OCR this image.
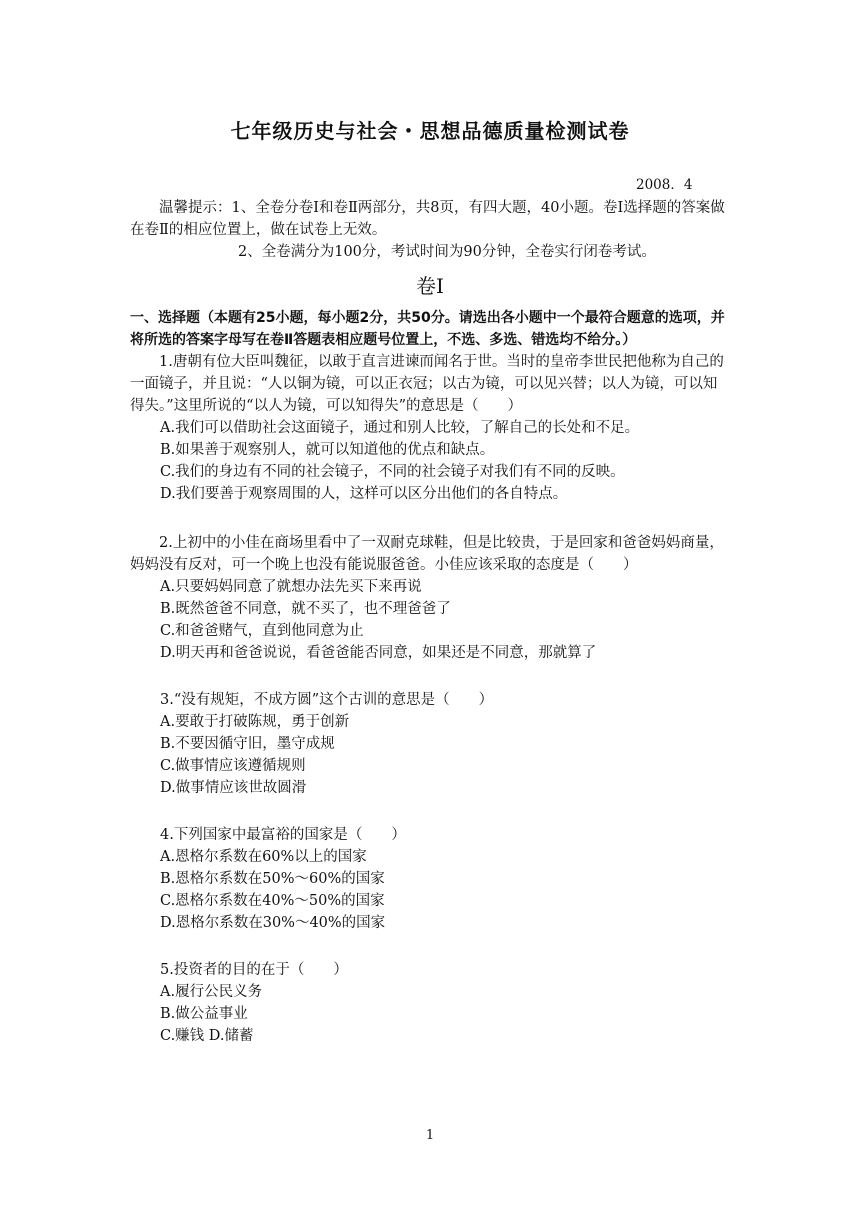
七年级历史与社会・思想品德质量检测试卷
2008．4

温馨提示：1、全卷分卷Ⅰ和卷Ⅱ两部分，共8页，有四大题，40小题。卷Ⅰ选择题的答案做在卷Ⅱ的相应位置上，做在试卷上无效。

2、全卷满分为100分，考试时间为90分钟，全卷实行闭卷考试。

卷Ⅰ
一、选择题（本题有25小题，每小题2分，共50分。请选出各小题中一个最符合题意的选项，并将所选的答案字母写在卷Ⅱ答题表相应题号位置上，不选、多选、错选均不给分。）

1.唐朝有位大臣叫魏征，以敢于直言进谏而闻名于世。当时的皇帝李世民把他称为自己的一面镜子，并且说：“人以铜为镜，可以正衣冠；以古为镜，可以见兴替；以人为镜，可以知得失。”这里所说的“以人为镜，可以知得失”的意思是（　　）

A.我们可以借助社会这面镜子，通过和别人比较，了解自己的长处和不足。

B.如果善于观察别人，就可以知道他的优点和缺点。

C.我们的身边有不同的社会镜子，不同的社会镜子对我们有不同的反映。

D.我们要善于观察周围的人，这样可以区分出他们的各自特点。

2.上初中的小佳在商场里看中了一双耐克球鞋，但是比较贵，于是回家和爸爸妈妈商量，妈妈没有反对，可一个晚上也没有能说服爸爸。小佳应该采取的态度是（　　）

A.只要妈妈同意了就想办法先买下来再说

B.既然爸爸不同意，就不买了，也不理爸爸了

C.和爸爸赌气，直到他同意为止

D.明天再和爸爸说说，看爸爸能否同意，如果还是不同意，那就算了

3.“没有规矩，不成方圆”这个古训的意思是（　　）

A.要敢于打破陈规，勇于创新

B.不要因循守旧，墨守成规

C.做事情应该遵循规则

D.做事情应该世故圆滑

4.下列国家中最富裕的国家是（　　）

A.恩格尔系数在60%以上的国家

B.恩格尔系数在50%～60%的国家

C.恩格尔系数在40%～50%的国家

D.恩格尔系数在30%～40%的国家

5.投资者的目的在于（　　）

A.履行公民义务

B.做公益事业

C.赚钱 D.储蓄

1
